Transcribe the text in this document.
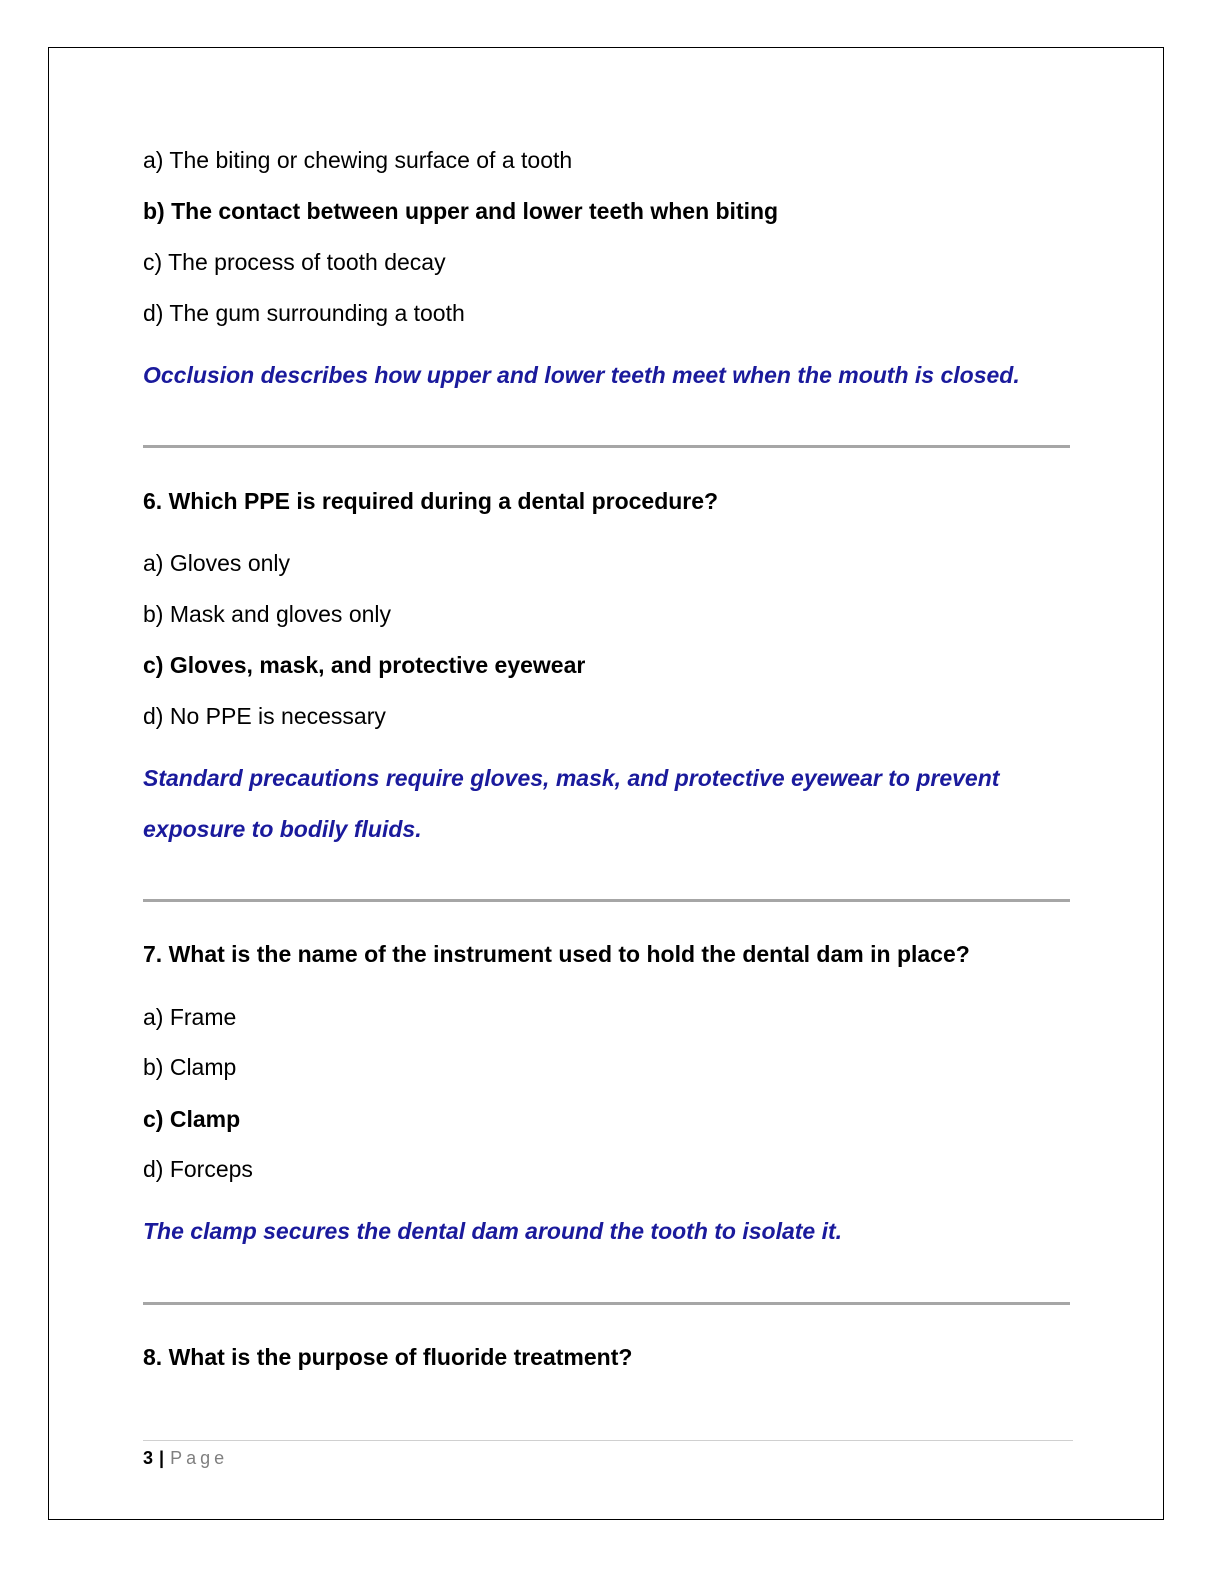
a) The biting or chewing surface of a tooth
b) The contact between upper and lower teeth when biting
c) The process of tooth decay
d) The gum surrounding a tooth
Occlusion describes how upper and lower teeth meet when the mouth is closed.
6. Which PPE is required during a dental procedure?
a) Gloves only
b) Mask and gloves only
c) Gloves, mask, and protective eyewear
d) No PPE is necessary
Standard precautions require gloves, mask, and protective eyewear to prevent
exposure to bodily fluids.
7. What is the name of the instrument used to hold the dental dam in place?
a) Frame
b) Clamp
c) Clamp
d) Forceps
The clamp secures the dental dam around the tooth to isolate it.
8. What is the purpose of fluoride treatment?
3 | Page
